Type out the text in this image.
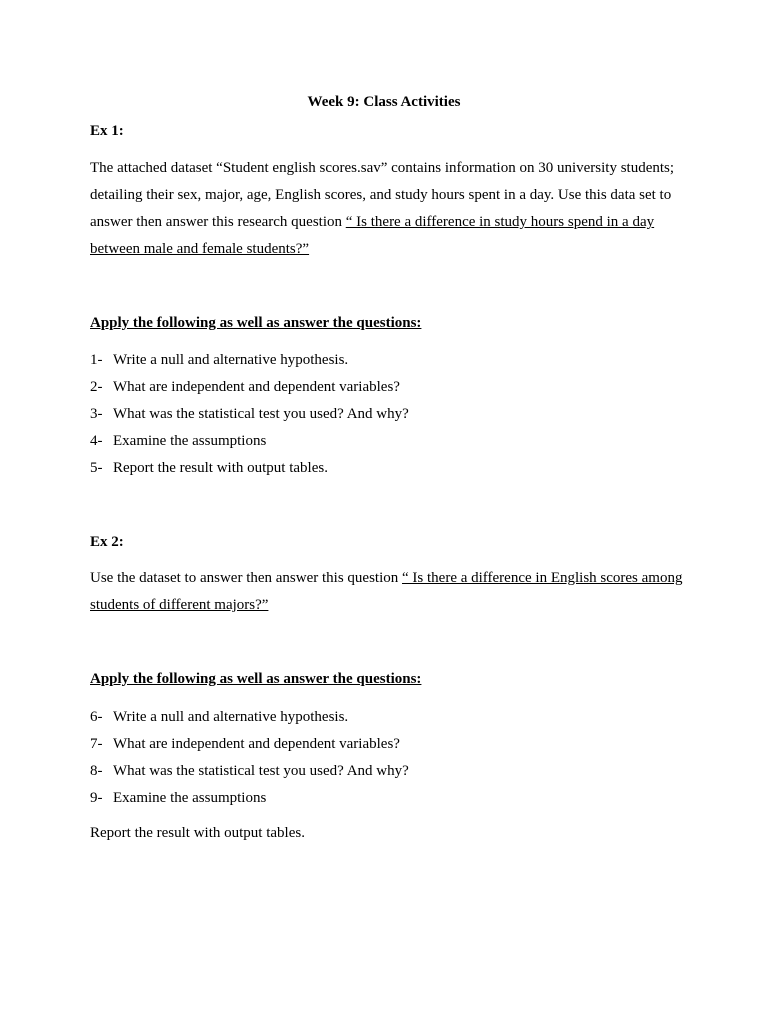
Week 9: Class Activities

Ex 1:

The attached dataset “Student english scores.sav” contains information on 30 university students; detailing their sex, major, age, English scores, and study hours spent in a day. Use this data set to answer then answer this research question “ Is there a difference in study hours spend in a day between male and female students?”

Apply the following as well as answer the questions:

1- Write a null and alternative hypothesis.
2- What are independent and dependent variables?
3- What was the statistical test you used? And why?
4- Examine the assumptions
5- Report the result with output tables.

Ex 2:

Use the dataset to answer then answer this question “ Is there a difference in English scores among students of different majors?”

Apply the following as well as answer the questions:

6- Write a null and alternative hypothesis.
7- What are independent and dependent variables?
8- What was the statistical test you used? And why?
9- Examine the assumptions

Report the result with output tables.
